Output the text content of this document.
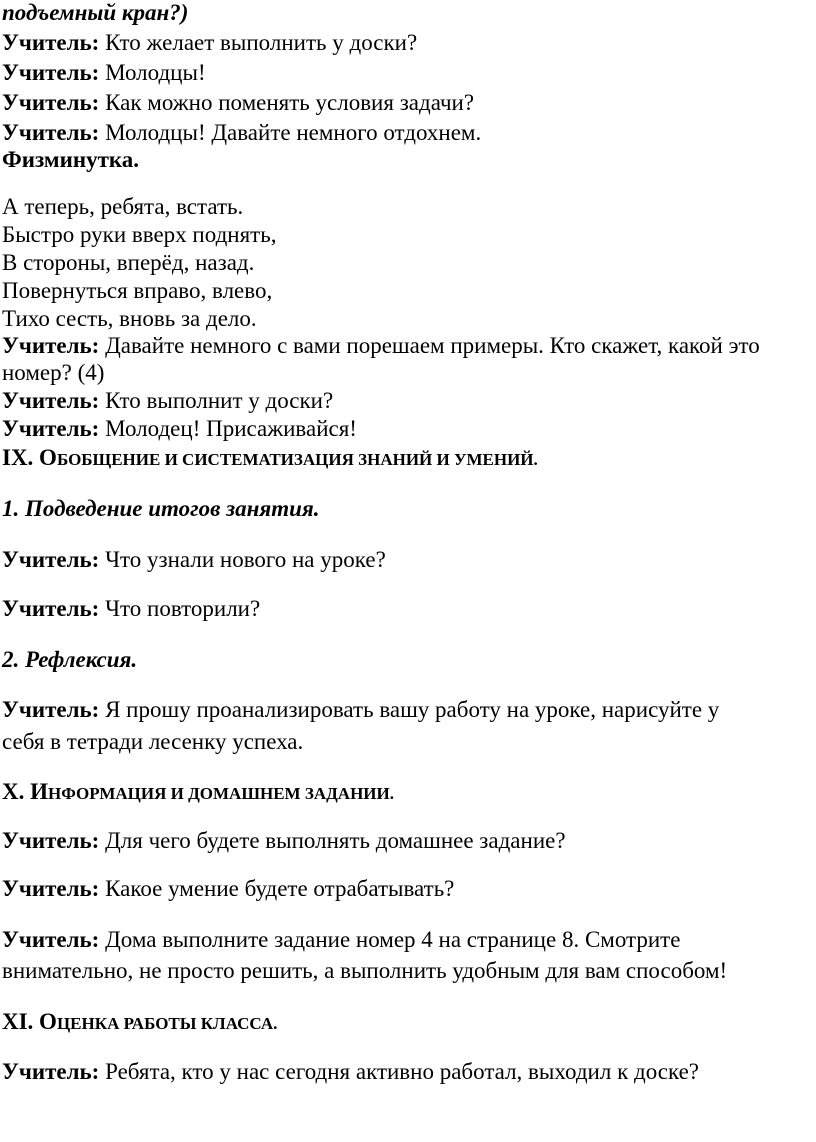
подъемный кран?)
Учитель: Кто желает выполнить у доски?
Учитель: Молодцы!
Учитель: Как можно поменять условия задачи?
Учитель: Молодцы! Давайте немного отдохнем.
Физминутка.
А теперь, ребята, встать.
Быстро руки вверх поднять,
В стороны, вперёд, назад.
Повернуться вправо, влево,
Тихо сесть, вновь за дело.
Учитель: Давайте немного с вами порешаем примеры. Кто скажет, какой это
номер? (4)
Учитель: Кто выполнит у доски?
Учитель: Молодец! Присаживайся!
IX. ОБОБЩЕНИЕ И СИСТЕМАТИЗАЦИЯ ЗНАНИЙ И УМЕНИЙ.
1. Подведение итогов занятия.
Учитель: Что узнали нового на уроке?
Учитель: Что повторили?
2. Рефлексия.
Учитель: Я прошу проанализировать вашу работу на уроке, нарисуйте у
себя в тетради лесенку успеха.
X. ИНФОРМАЦИЯ И ДОМАШНЕМ ЗАДАНИИ.
Учитель: Для чего будете выполнять домашнее задание?
Учитель: Какое умение будете отрабатывать?
Учитель: Дома выполните задание номер 4 на странице 8. Смотрите
внимательно, не просто решить, а выполнить удобным для вам способом!
XI. ОЦЕНКА РАБОТЫ КЛАССА.
Учитель: Ребята, кто у нас сегодня активно работал, выходил к доске?
